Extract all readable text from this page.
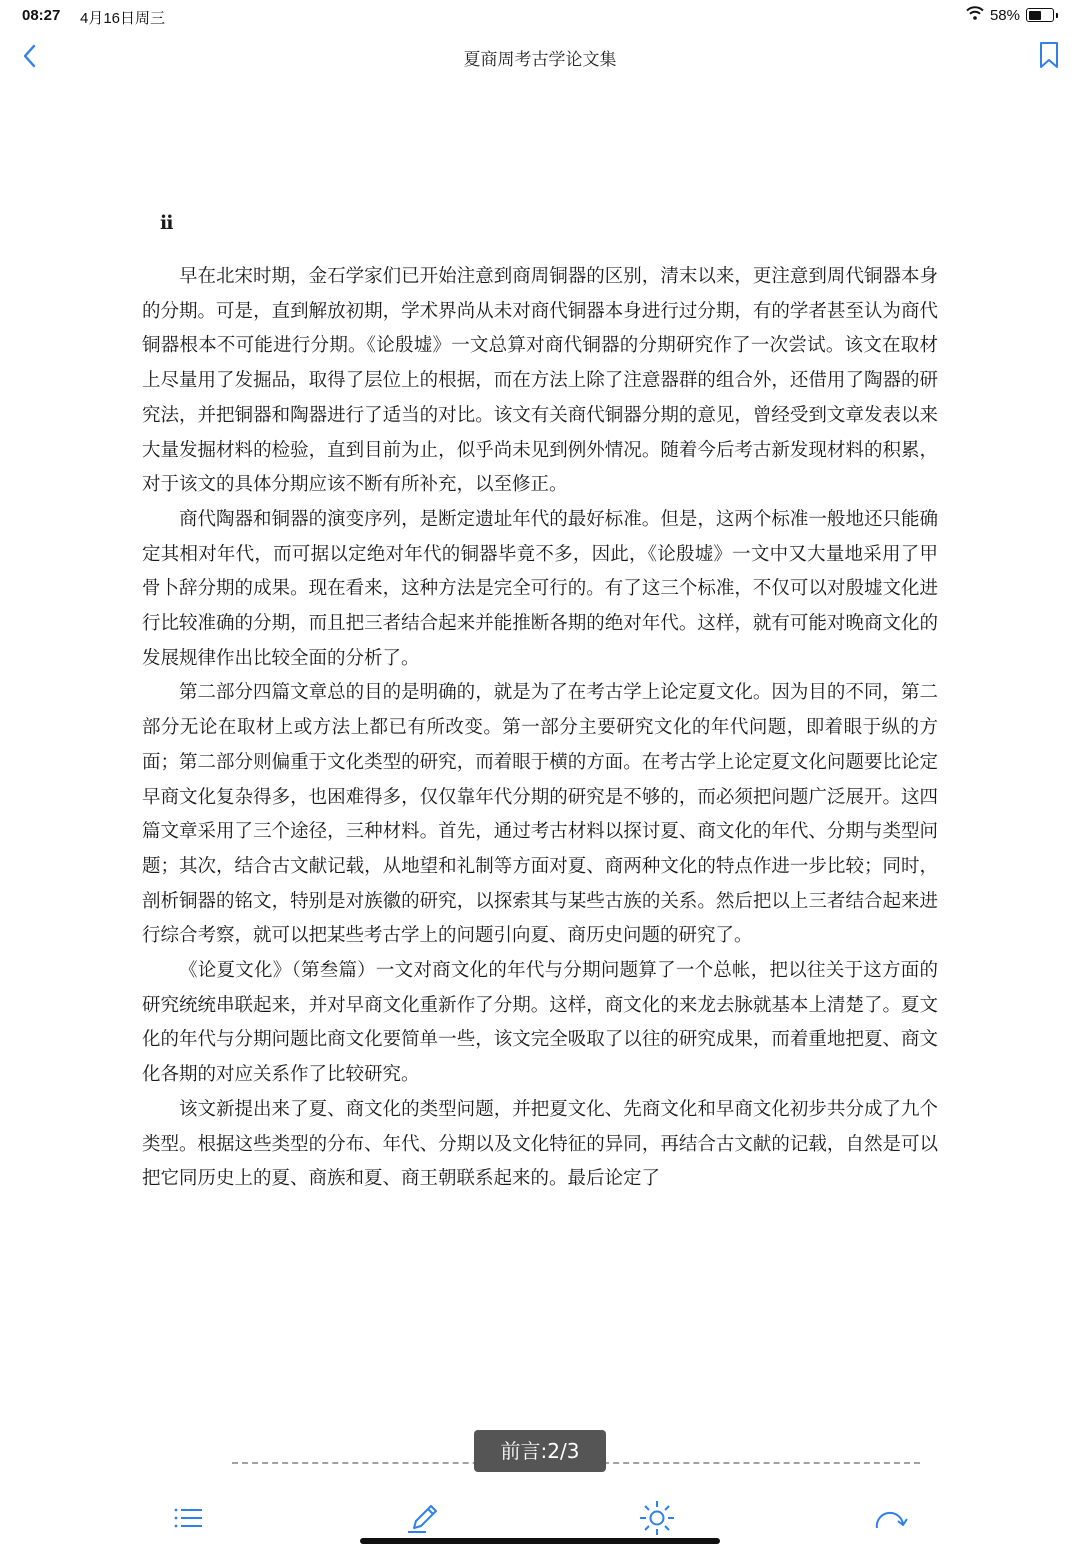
08:27 4月16日周三	58%
夏商周考古学论文集
ii

早在北宋时期，金石学家们已开始注意到商周铜器的区别，清末以来，更注意到周代铜器本身的分期。可是，直到解放初期，学术界尚从未对商代铜器本身进行过分期，有的学者甚至认为商代铜器根本不可能进行分期。《论殷墟》一文总算对商代铜器的分期研究作了一次尝试。该文在取材上尽量用了发掘品，取得了层位上的根据，而在方法上除了注意器群的组合外，还借用了陶器的研究法，并把铜器和陶器进行了适当的对比。该文有关商代铜器分期的意见，曾经受到文章发表以来大量发掘材料的检验，直到目前为止，似乎尚未见到例外情况。随着今后考古新发现材料的积累，对于该文的具体分期应该不断有所补充，以至修正。

商代陶器和铜器的演变序列，是断定遗址年代的最好标准。但是，这两个标准一般地还只能确定其相对年代，而可据以定绝对年代的铜器毕竟不多，因此，《论殷墟》一文中又大量地采用了甲骨卜辞分期的成果。现在看来，这种方法是完全可行的。有了这三个标准，不仅可以对殷墟文化进行比较准确的分期，而且把三者结合起来并能推断各期的绝对年代。这样，就有可能对晚商文化的发展规律作出比较全面的分析了。

第二部分四篇文章总的目的是明确的，就是为了在考古学上论定夏文化。因为目的不同，第二部分无论在取材上或方法上都已有所改变。第一部分主要研究文化的年代问题，即着眼于纵的方面；第二部分则偏重于文化类型的研究，而着眼于横的方面。在考古学上论定夏文化问题要比论定早商文化复杂得多，也困难得多，仅仅靠年代分期的研究是不够的，而必须把问题广泛展开。这四篇文章采用了三个途径，三种材料。首先，通过考古材料以探讨夏、商文化的年代、分期与类型问题；其次，结合古文献记载，从地望和礼制等方面对夏、商两种文化的特点作进一步比较；同时，剖析铜器的铭文，特别是对族徽的研究，以探索其与某些古族的关系。然后把以上三者结合起来进行综合考察，就可以把某些考古学上的问题引向夏、商历史问题的研究了。

《论夏文化》（第叁篇）一文对商文化的年代与分期问题算了一个总帐，把以往关于这方面的研究统统串联起来，并对早商文化重新作了分期。这样，商文化的来龙去脉就基本上清楚了。夏文化的年代与分期问题比商文化要简单一些，该文完全吸取了以往的研究成果，而着重地把夏、商文化各期的对应关系作了比较研究。

该文新提出来了夏、商文化的类型问题，并把夏文化、先商文化和早商文化初步共分成了九个类型。根据这些类型的分布、年代、分期以及文化特征的异同，再结合古文献的记载，自然是可以把它同历史上的夏、商族和夏、商王朝联系起来的。最后论定了

前言:2/3
